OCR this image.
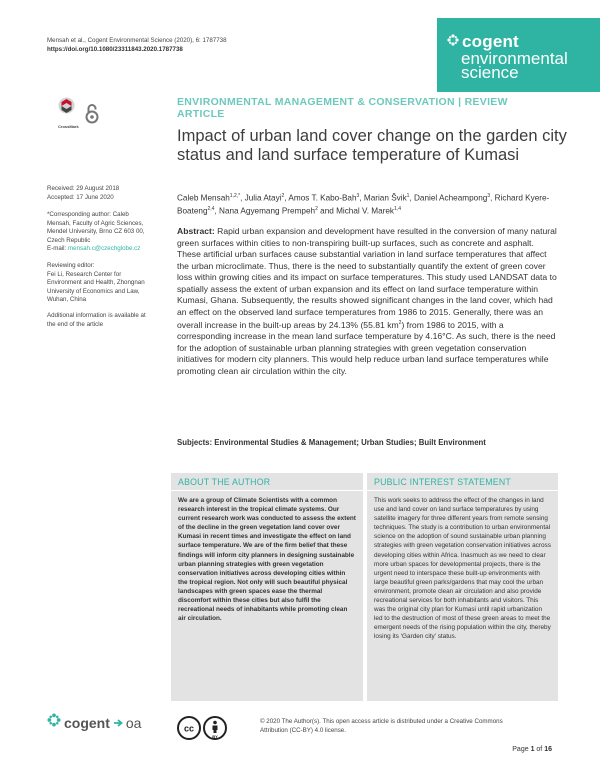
Mensah et al., Cogent Environmental Science (2020), 6: 1787738
https://doi.org/10.1080/23311843.2020.1787738	cogent
environmental
science
CrossMark
Received: 29 August 2018
Accepted: 17 June 2020
*Corresponding author: Caleb
Mensah, Faculty of Agric Sciences,
Mendel University, Brno CZ 603 00,
Czech Republic
E-mail: mensah.c@czechglobe.cz
Reviewing editor:
Fei Li, Research Center for
Environment and Health, Zhongnan
University of Economics and Law,
Wuhan, China
Additional information is available at
the end of the article
ENVIRONMENTAL MANAGEMENT & CONSERVATION | REVIEW
ARTICLE
Impact of urban land cover change on the garden city status and land surface temperature of Kumasi
Caleb Mensah$^{1,2,*}$, Julia Atayi$^2$, Amos T. Kabo-Bah$^3$, Marian Švik$^1$, Daniel Acheampong$^3$, Richard Kyere-Boateng$^{2,4}$, Nana Agyemang Prempeh$^2$ and Michal V. Marek$^{1,4}$
Abstract: Rapid urban expansion and development have resulted in the conversion of many natural green surfaces within cities to non-transpiring built-up surfaces, such as concrete and asphalt. These artificial urban surfaces cause substantial variation in land surface temperatures that affect the urban microclimate. Thus, there is the need to substantially quantify the extent of green cover loss within growing cities and its impact on surface temperatures. This study used LANDSAT data to spatially assess the extent of urban expansion and its effect on land surface temperature within Kumasi, Ghana. Subsequently, the results showed significant changes in the land cover, which had an effect on the observed land surface temperatures from 1986 to 2015. Generally, there was an overall increase in the built-up areas by 24.13% (55.81 $km^2$) from 1986 to 2015, with a corresponding increase in the mean land surface temperature by 4.16°C. As such, there is the need for the adoption of sustainable urban planning strategies with green vegetation conservation initiatives for modern city planners. This would help reduce urban land surface temperatures while promoting clean air circulation within the city.
Subjects: Environmental Studies & Management; Urban Studies; Built Environment
ABOUT THE AUTHOR
We are a group of Climate Scientists with a common research interest in the tropical climate systems. Our current research work was conducted to assess the extent of the decline in the green vegetation land cover over Kumasi in recent times and investigate the effect on land surface temperature. We are of the firm belief that these findings will inform city planners in designing sustainable urban planning strategies with green vegetation conservation initiatives across developing cities within the tropical region. Not only will such beautiful physical landscapes with green spaces ease the thermal discomfort within these cities but also fulfil the recreational needs of inhabitants while promoting clean air circulation.
PUBLIC INTEREST STATEMENT
This work seeks to address the effect of the changes in land use and land cover on land surface temperatures by using satellite imagery for three different years from remote sensing techniques. The study is a contribution to urban environmental science on the adoption of sound sustainable urban planning strategies with green vegetation conservation initiatives across developing cities within Africa. Inasmuch as we need to clear more urban spaces for developmental projects, there is the urgent need to interspace these built-up environments with large beautiful green parks/gardens that may cool the urban environment, promote clean air circulation and also provide recreational services for both inhabitants and visitors. This was the original city plan for Kumasi until rapid urbanization led to the destruction of most of these green areas to meet the emergent needs of the rising population within the city, thereby losing its ‘Garden city’ status.
cogent oa	cc
BY
© 2020 The Author(s). This open access article is distributed under a Creative Commons
Attribution (CC-BY) 4.0 license.
Page 1 of 16
